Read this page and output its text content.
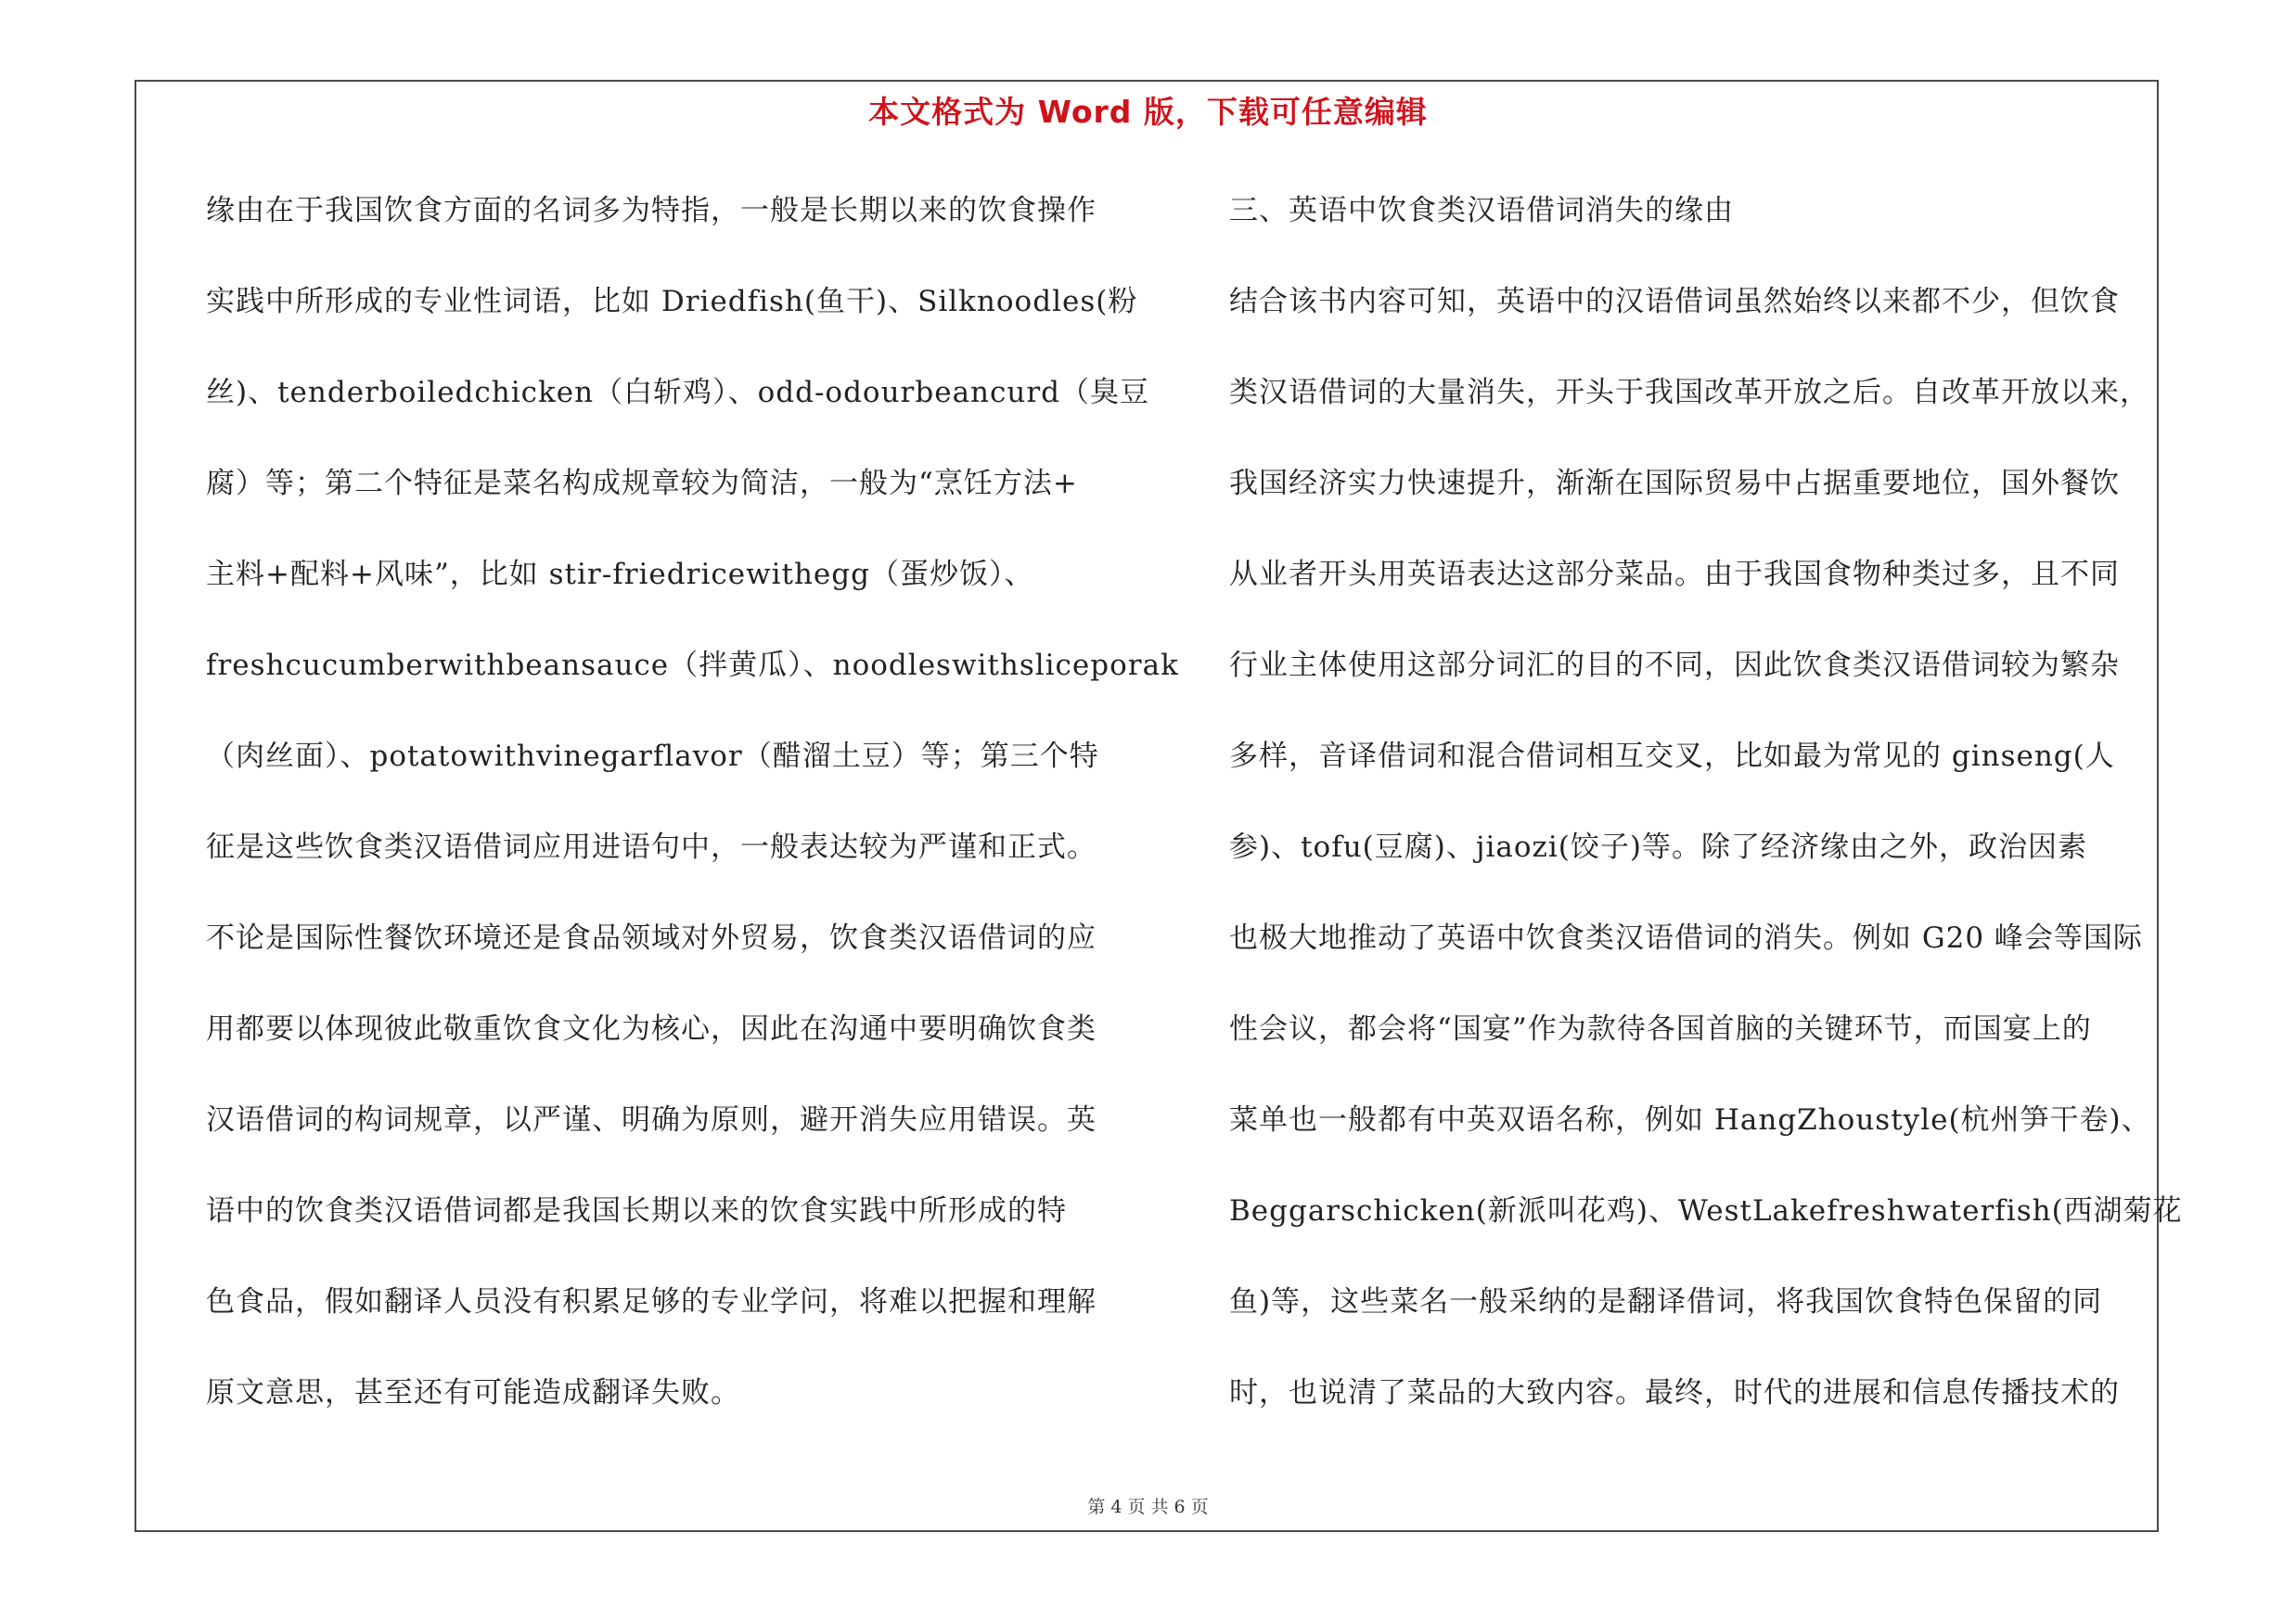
本文格式为 Word 版，下载可任意编辑
缘由在于我国饮食方面的名词多为特指，一般是长期以来的饮食操作
实践中所形成的专业性词语，比如 Driedfish(鱼干)、Silknoodles(粉
丝)、tenderboiledchicken（白斩鸡）、odd-odourbeancurd（臭豆
腐）等；第二个特征是菜名构成规章较为简洁，一般为“烹饪方法+
主料+配料+风味”，比如 stir-friedricewithegg（蛋炒饭）、
freshcucumberwithbeansauce（拌黄瓜）、noodleswithsliceporak
（肉丝面）、potatowithvinegarflavor（醋溜土豆）等；第三个特
征是这些饮食类汉语借词应用进语句中，一般表达较为严谨和正式。
不论是国际性餐饮环境还是食品领域对外贸易，饮食类汉语借词的应
用都要以体现彼此敬重饮食文化为核心，因此在沟通中要明确饮食类
汉语借词的构词规章，以严谨、明确为原则，避开消失应用错误。英
语中的饮食类汉语借词都是我国长期以来的饮食实践中所形成的特
色食品，假如翻译人员没有积累足够的专业学问，将难以把握和理解
原文意思，甚至还有可能造成翻译失败。
三、英语中饮食类汉语借词消失的缘由
结合该书内容可知，英语中的汉语借词虽然始终以来都不少，但饮食
类汉语借词的大量消失，开头于我国改革开放之后。自改革开放以来，
我国经济实力快速提升，渐渐在国际贸易中占据重要地位，国外餐饮
从业者开头用英语表达这部分菜品。由于我国食物种类过多，且不同
行业主体使用这部分词汇的目的不同，因此饮食类汉语借词较为繁杂
多样，音译借词和混合借词相互交叉，比如最为常见的 ginseng(人
参)、tofu(豆腐)、jiaozi(饺子)等。除了经济缘由之外，政治因素
也极大地推动了英语中饮食类汉语借词的消失。例如 G20 峰会等国际
性会议，都会将“国宴”作为款待各国首脑的关键环节，而国宴上的
菜单也一般都有中英双语名称，例如 HangZhoustyle(杭州笋干卷)、
Beggarschicken(新派叫花鸡)、WestLakefreshwaterfish(西湖菊花
鱼)等，这些菜名一般采纳的是翻译借词，将我国饮食特色保留的同
时，也说清了菜品的大致内容。最终，时代的进展和信息传播技术的
第 4 页 共 6 页
